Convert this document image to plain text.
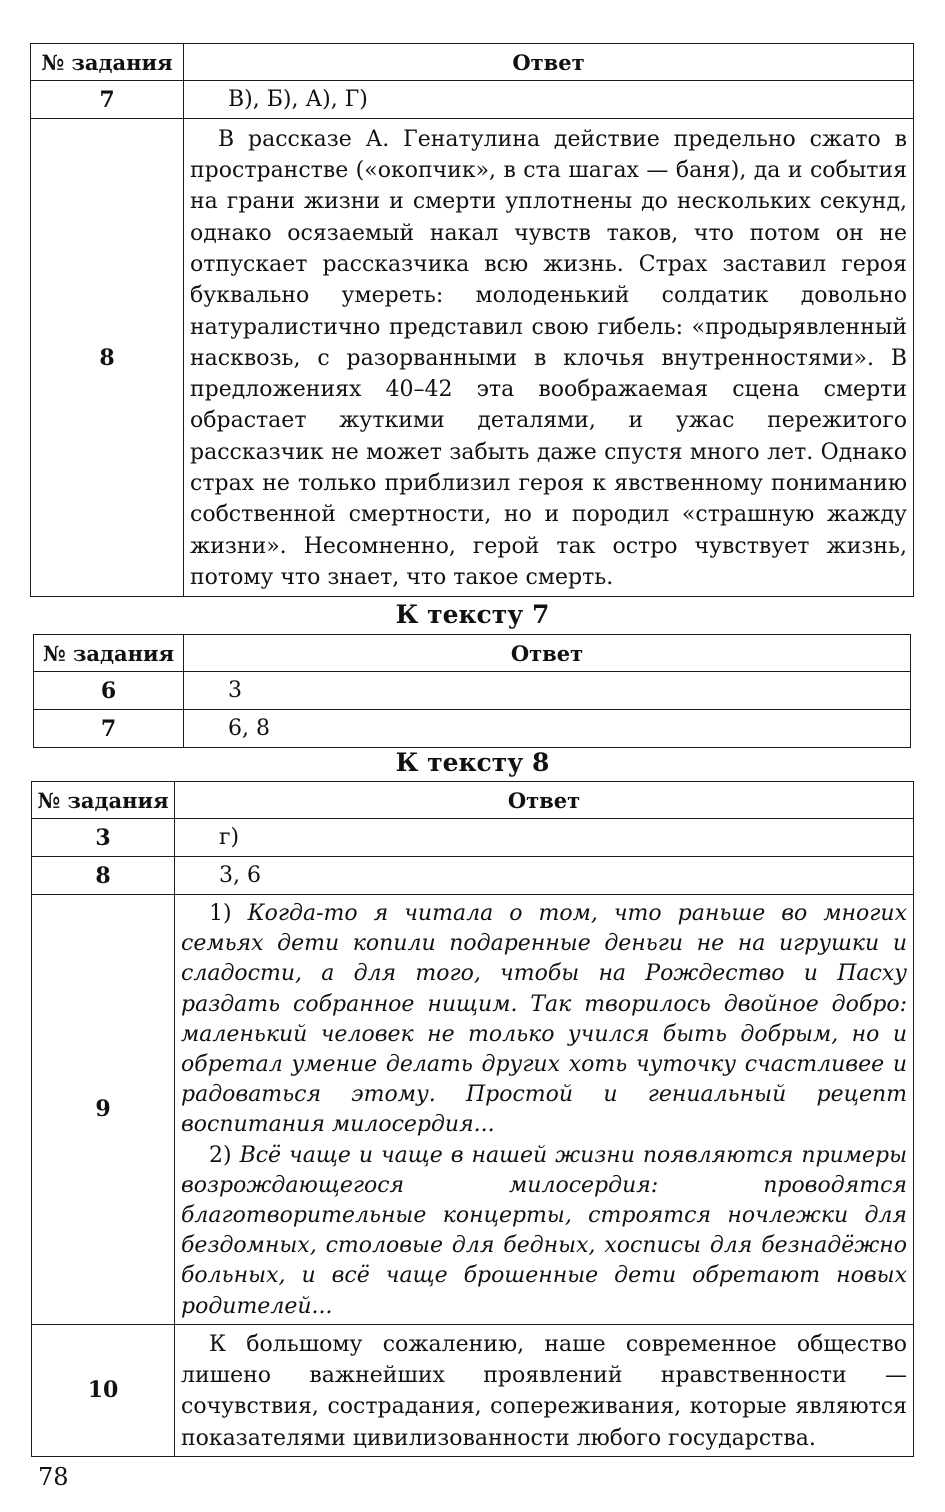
№ задания	Ответ
7	В), Б), А), Г)
8	В рассказе А. Генатулина действие предельно сжато в пространстве («окопчик», в ста шагах — баня), да и события на грани жизни и смерти уплотнены до нескольких секунд, однако осязаемый накал чувств таков, что потом он не отпускает рассказчика всю жизнь. Страх заставил героя буквально умереть: молоденький солдатик довольно натуралистично представил свою гибель: «продырявленный насквозь, с разорванными в клочья внутренностями». В предложениях 40–42 эта воображаемая сцена смерти обрастает жуткими деталями, и ужас пережитого рассказчик не может забыть даже спустя много лет. Однако страх не только приблизил героя к явственному пониманию собственной смертности, но и породил «страшную жажду жизни». Несомненно, герой так остро чувствует жизнь, потому что знает, что такое смерть.

К тексту 7

№ задания	Ответ
6	3
7	6, 8

К тексту 8

№ задания	Ответ
3	г)
8	3, 6
9	1) Когда-то я читала о том, что раньше во многих семьях дети копили подаренные деньги не на игрушки и сладости, а для того, чтобы на Рождество и Пасху раздать собранное нищим. Так творилось двойное добро: маленький человек не только учился быть добрым, но и обретал умение делать других хоть чуточку счастливее и радоваться этому. Простой и гениальный рецепт воспитания милосердия...

2) Всё чаще и чаще в нашей жизни появляются примеры возрождающегося милосердия: проводятся благотворительные концерты, строятся ночлежки для бездомных, столовые для бедных, хосписы для безнадёжно больных, и всё чаще брошенные дети обретают новых родителей...

10	К большому сожалению, наше современное общество лишено важнейших проявлений нравственности — сочувствия, сострадания, сопереживания, которые являются показателями цивилизованности любого государства.

78
